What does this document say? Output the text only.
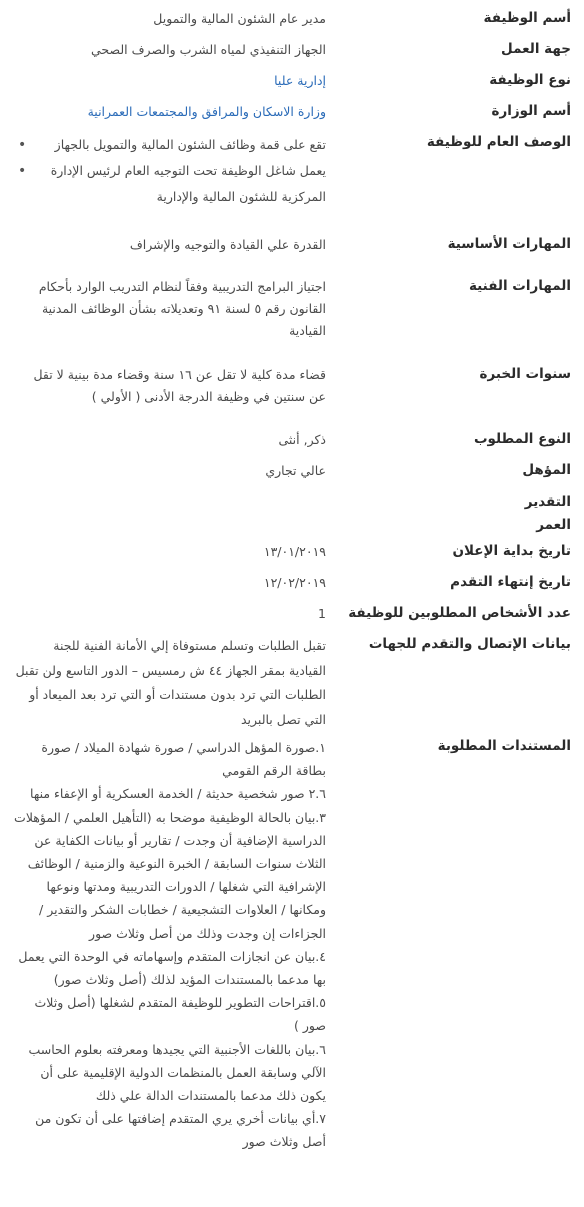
أسم الوظيفة
مدير عام الشئون المالية والتمويل
جهة العمل
الجهاز التنفيذي لمياه الشرب والصرف الصحي
نوع الوظيفة
إدارية عليا
أسم الوزارة
وزارة الاسكان والمرافق والمجتمعات العمرانية
الوصف العام للوظيفة
تقع على قمة وظائف الشئون المالية والتمويل بالجهاز •
يعمل شاغل الوظيفة تحت التوجيه العام لرئيس الإدارة المركزية للشئون المالية والإدارية •
المهارات الأساسية
القدرة علي القيادة والتوجيه والإشراف
المهارات الفنية
اجتياز البرامج التدريبية وفقاً لنظام التدريب الوارد بأحكام القانون رقم ٥ لسنة ٩١ وتعديلاته بشأن الوظائف المدنية القيادية
سنوات الخبرة
قضاء مدة كلية لا تقل عن ١٦ سنة وقضاء مدة بينية لا تقل عن سنتين في وظيفة الدرجة الأدنى ( الأولي )
النوع المطلوب
ذكر, أنثى
المؤهل
عالي تجاري
التقدير
العمر
تاريخ بداية الإعلان
١٣/٠١/٢٠١٩
تاريخ إنتهاء التقدم
١٢/٠٢/٢٠١٩
عدد الأشخاص المطلوبين للوظيفة
1
بيانات الإتصال والتقدم للجهات
تقبل الطلبات وتسلم مستوفاة إلي الأمانة الفنية للجنة القيادية بمقر الجهاز ٤٤ ش رمسيس – الدور التاسع ولن تقبل الطلبات التي ترد بدون مستندات أو التي ترد بعد الميعاد أو التي تصل بالبريد
المستندات المطلوبة

١.صورة المؤهل الدراسي / صورة شهادة الميلاد / صورة بطاقة الرقم القومي

٢.٦ صور شخصية حديثة / الخدمة العسكرية أو الإعفاء منها

٣.بيان بالحالة الوظيفية موضحا به (التأهيل العلمي / المؤهلات الدراسية الإضافية أن وجدت / تقارير أو بيانات الكفاية عن الثلاث سنوات السابقة / الخبرة النوعية والزمنية / الوظائف الإشرافية التي شغلها / الدورات التدريبية ومدتها ونوعها ومكانها / العلاوات التشجيعية / خطابات الشكر والتقدير / الجزاءات إن وجدت وذلك من أصل وثلاث صور

٤.بيان عن انجازات المتقدم وإسهاماته في الوحدة التي يعمل بها مدعما بالمستندات المؤيد لذلك (أصل وثلاث صور)

٥.اقتراحات التطوير للوظيفة المتقدم لشغلها (أصل وثلاث صور )

٦.بيان باللغات الأجنبية التي يجيدها ومعرفته بعلوم الحاسب الآلي وسابقة العمل بالمنظمات الدولية الإقليمية على أن يكون ذلك مدعما بالمستندات الدالة علي ذلك

٧.أي بيانات أخري يري المتقدم إضافتها على أن تكون من أصل وثلاث صور
